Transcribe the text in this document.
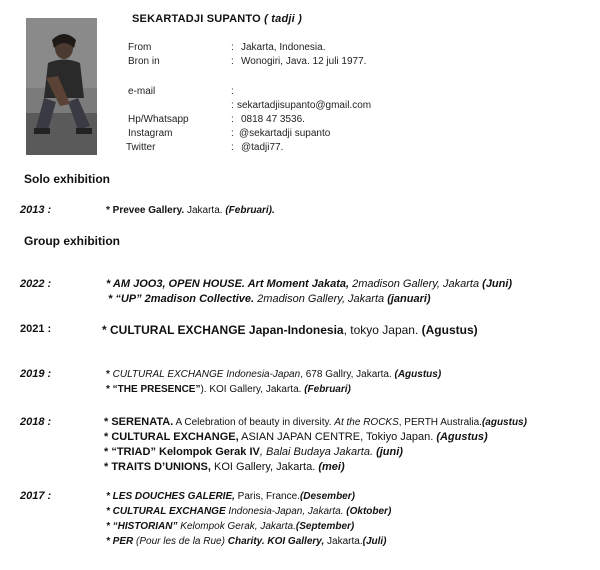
SEKARTADJI SUPANTO ( tadji )
From	: Jakarta, Indonesia.
Bron in	: Wonogiri, Java. 12 juli 1977.
e-mail	:
: sekartadjisupanto@gmail.com
Hp/Whatsapp	: 0818 47 3536.
Instagram	: @sekartadji supanto
Twitter	: @tadji77.
Solo exhibition
2013 :	* Prevee Gallery. Jakarta. (Februari).
Group exhibition
2022 :	* AM JOO3, OPEN HOUSE. Art Moment Jakata, 2madison Gallery, Jakarta (Juni)
* “UP” 2madison Collective. 2madison Gallery, Jakarta (januari)
2021 :	* CULTURAL EXCHANGE Japan-Indonesia, tokyo Japan. (Agustus)
2019 :	* CULTURAL EXCHANGE Indonesia-Japan, 678 Gallry, Jakarta. (Agustus)
* “THE PRESENCE”). KOI Gallery, Jakarta. (Februari)
2018 :	* SERENATA. A Celebration of beauty in diversity. At the ROCKS, PERTH Australia.(agustus)
* CULTURAL EXCHANGE, ASIAN JAPAN CENTRE, Tokiyo Japan. (Agustus)
* “TRIAD” Kelompok Gerak IV, Balai Budaya Jakarta. (juni)
* TRAITS D’UNIONS, KOI Gallery, Jakarta. (mei)
2017 :	* LES DOUCHES GALERIE, Paris, France.(Desember)
* CULTURAL EXCHANGE Indonesia-Japan, Jakarta. (Oktober)
* “HISTORIAN” Kelompok Gerak, Jakarta.(September)
* PER (Pour les de la Rue) Charity. KOI Gallery, Jakarta.(Juli)
